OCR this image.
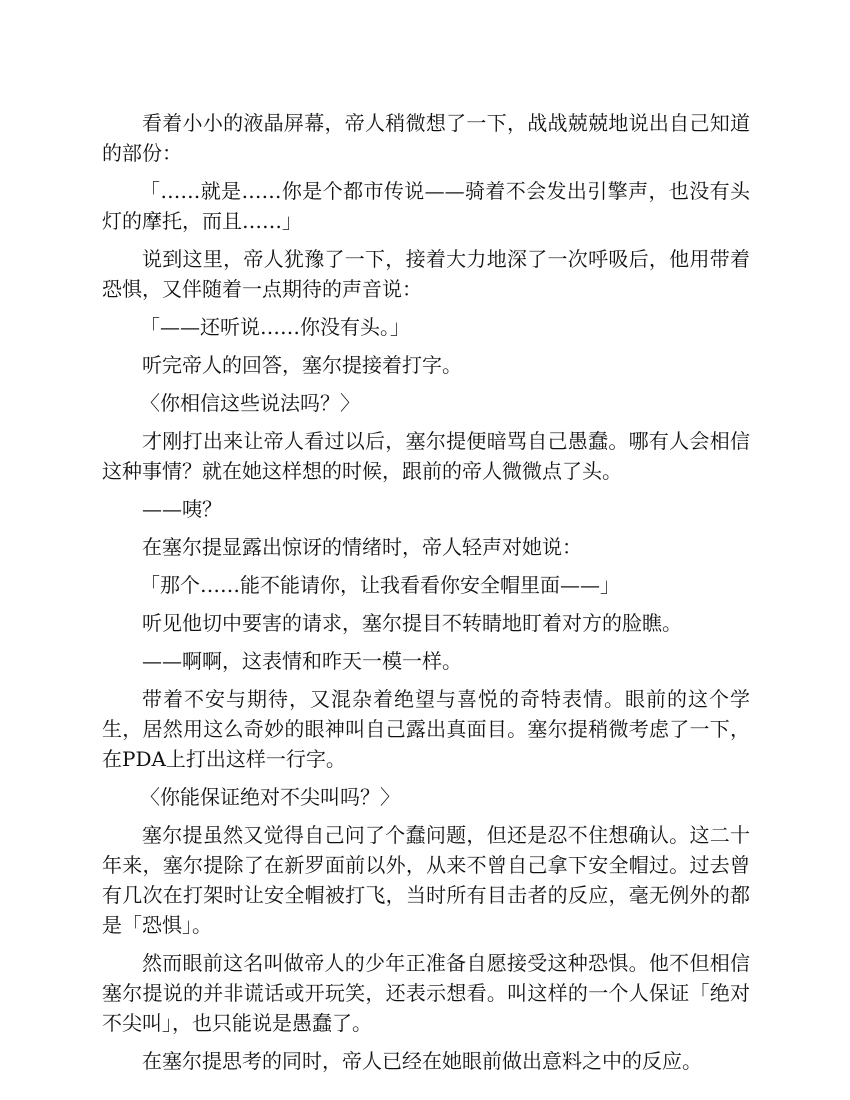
看着小小的液晶屏幕，帝人稍微想了一下，战战兢兢地说出自己知道的部份：

「……就是……你是个都市传说——骑着不会发出引擎声，也没有头灯的摩托，而且……」

说到这里，帝人犹豫了一下，接着大力地深了一次呼吸后，他用带着恐惧，又伴随着一点期待的声音说：

「——还听说……你没有头。」

听完帝人的回答，塞尔提接着打字。

〈你相信这些说法吗？〉

才刚打出来让帝人看过以后，塞尔提便暗骂自己愚蠢。哪有人会相信这种事情？就在她这样想的时候，跟前的帝人微微点了头。

——咦？

在塞尔提显露出惊讶的情绪时，帝人轻声对她说：

「那个……能不能请你，让我看看你安全帽里面——」

听见他切中要害的请求，塞尔提目不转睛地盯着对方的脸瞧。

——啊啊，这表情和昨天一模一样。

带着不安与期待，又混杂着绝望与喜悦的奇特表情。眼前的这个学生，居然用这么奇妙的眼神叫自己露出真面目。塞尔提稍微考虑了一下，在PDA上打出这样一行字。

〈你能保证绝对不尖叫吗？〉

塞尔提虽然又觉得自己问了个蠢问题，但还是忍不住想确认。这二十年来，塞尔提除了在新罗面前以外，从来不曾自己拿下安全帽过。过去曾有几次在打架时让安全帽被打飞，当时所有目击者的反应，毫无例外的都是「恐惧」。

然而眼前这名叫做帝人的少年正准备自愿接受这种恐惧。他不但相信塞尔提说的并非谎话或开玩笑，还表示想看。叫这样的一个人保证「绝对不尖叫」，也只能说是愚蠢了。

在塞尔提思考的同时，帝人已经在她眼前做出意料之中的反应。
